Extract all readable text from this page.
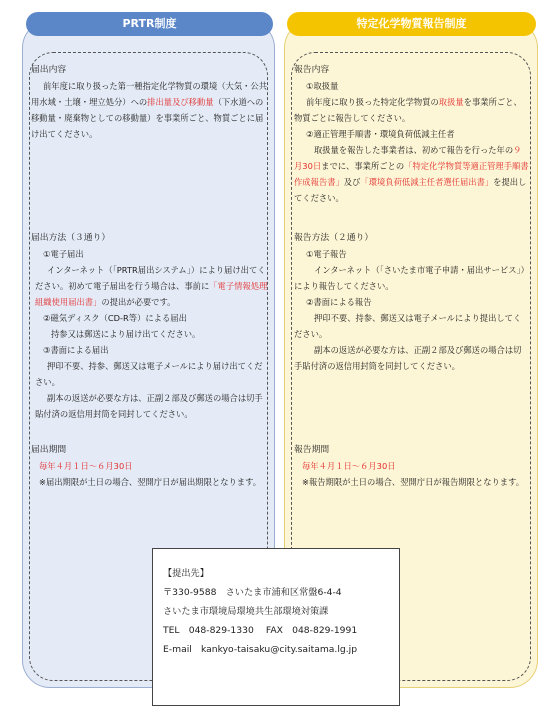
PRTR制度
届出内容
前年度に取り扱った第一種指定化学物質の環境（大気・公共用水域・土壌・埋立処分）への排出量及び移動量（下水道への移動量・廃棄物としての移動量）を事業所ごと、物質ごとに届け出てください。
届出方法（３通り）
①電子届出
インターネット（「PRTR届出システム」）により届け出てください。初めて電子届出を行う場合は、事前に「電子情報処理組織使用届出書」の提出が必要です。
②磁気ディスク（CD-R等）による届出
持参又は郵送により届け出てください。
③書面による届出
押印不要、持参、郵送又は電子メールにより届け出てください。
副本の返送が必要な方は、正副２部及び郵送の場合は切手貼付済の返信用封筒を同封してください。
届出期間
毎年４月１日～６月30日
※届出期限が土日の場合、翌開庁日が届出期限となります。
特定化学物質報告制度
報告内容
①取扱量
前年度に取り扱った特定化学物質の取扱量を事業所ごと、物質ごとに報告してください。
②適正管理手順書・環境負荷低減主任者
取扱量を報告した事業者は、初めて報告を行った年の９月30日までに、事業所ごとの「特定化学物質等適正管理手順書作成報告書」及び「環境負荷低減主任者選任届出書」を提出してください。
報告方法（２通り）
①電子報告
インターネット（「さいたま市電子申請・届出サービス」）により報告してください。
②書面による報告
押印不要、持参、郵送又は電子メールにより提出してください。
副本の返送が必要な方は、正副２部及び郵送の場合は切手貼付済の返信用封筒を同封してください。
報告期間
毎年４月１日～６月30日
※報告期限が土日の場合、翌開庁日が報告期限となります。
【提出先】
〒330-9588　さいたま市浦和区常盤6-4-4
さいたま市環境局環境共生部環境対策課
TEL　048-829-1330　 FAX　048-829-1991
E-mail　kankyo-taisaku@city.saitama.lg.jp
